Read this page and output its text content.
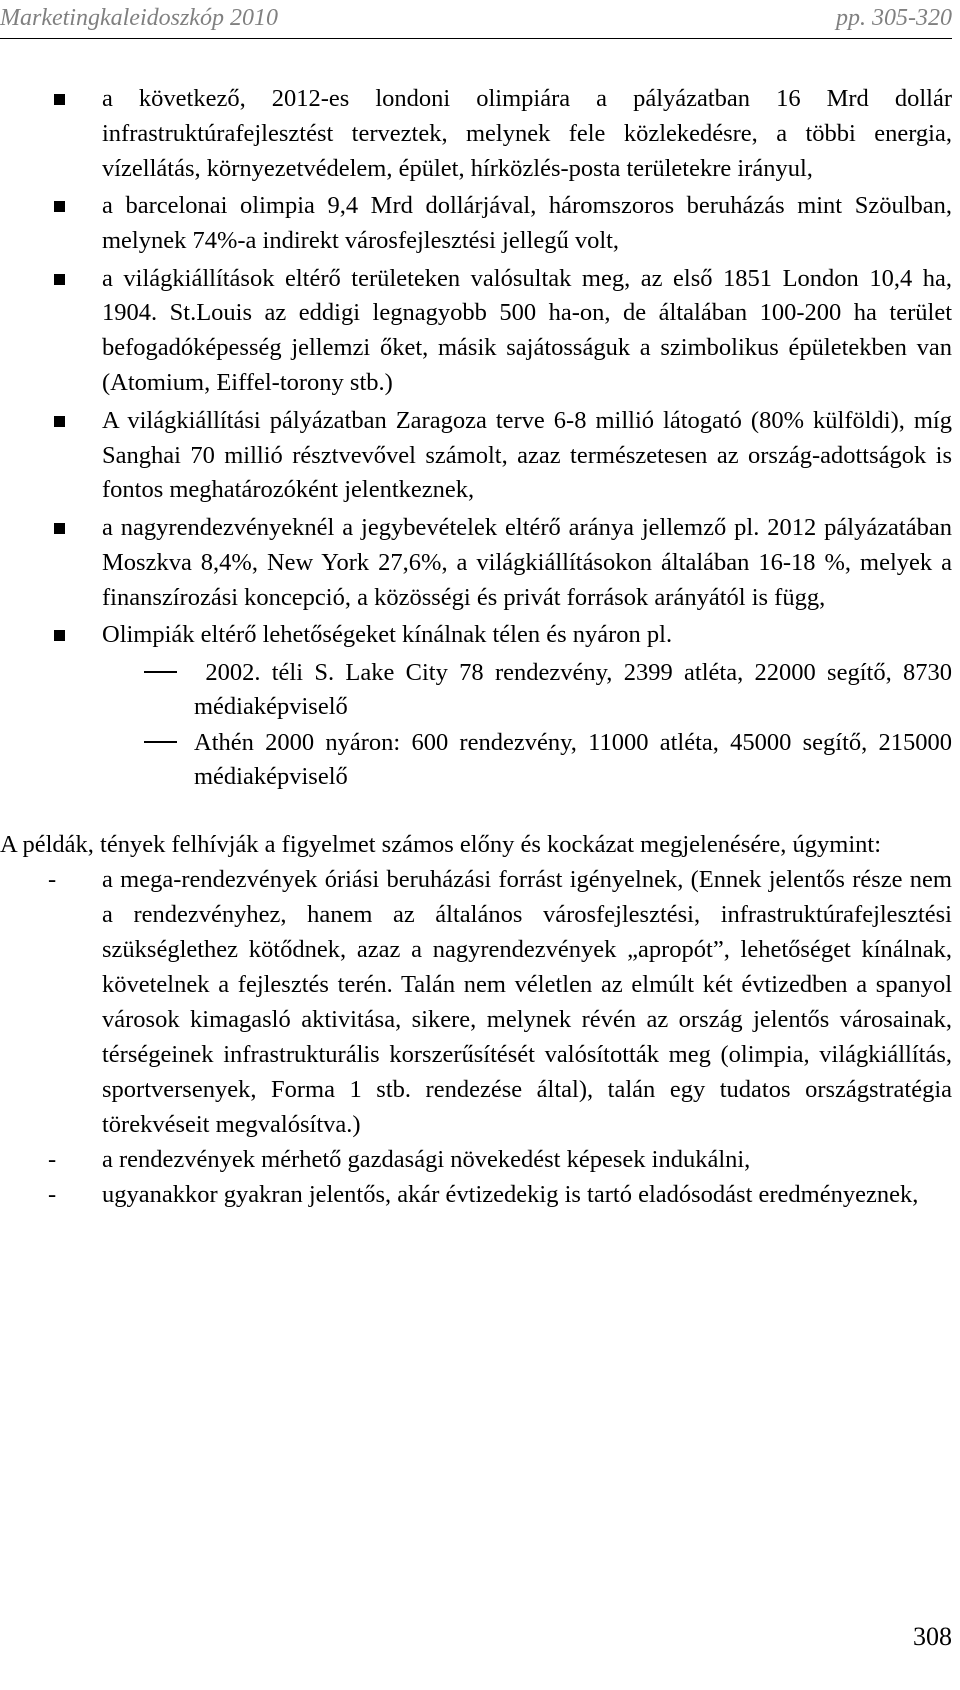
Marketingkaleidoszkóp 2010	pp. 305-320
a következő, 2012-es londoni olimpiára a pályázatban 16 Mrd dollár infrastruktúrafejlesztést terveztek, melynek fele közlekedésre, a többi energia, vízellátás, környezetvédelem, épület, hírközlés-posta területekre irányul,
a barcelonai olimpia 9,4 Mrd dollárjával, háromszoros beruházás mint Szöulban, melynek 74%-a indirekt városfejlesztési jellegű volt,
a világkiállítások eltérő területeken valósultak meg, az első 1851 London 10,4 ha, 1904. St.Louis az eddigi legnagyobb 500 ha-on, de általában 100-200 ha terület befogadóképesség jellemzi őket, másik sajátosságuk a szimbolikus épületekben van (Atomium, Eiffel-torony stb.)
A világkiállítási pályázatban Zaragoza terve 6-8 millió látogató (80% külföldi), míg Sanghai 70 millió résztvevővel számolt, azaz természetesen az ország-adottságok is fontos meghatározóként jelentkeznek,
a nagyrendezvényeknél a jegybevételek eltérő aránya jellemző pl. 2012 pályázatában Moszkva 8,4%, New York 27,6%, a világkiállításokon általában 16-18 %, melyek a finanszírozási koncepció, a közösségi és privát források arányától is függ,
Olimpiák eltérő lehetőségeket kínálnak télen és nyáron pl.
2002. téli S. Lake City 78 rendezvény, 2399 atléta, 22000 segítő, 8730 médiaképviselő
Athén 2000 nyáron: 600 rendezvény, 11000 atléta, 45000 segítő, 215000 médiaképviselő

A példák, tények felhívják a figyelmet számos előny és kockázat megjelenésére, úgymint:

- a mega-rendezvények óriási beruházási forrást igényelnek, (Ennek jelentős része nem a rendezvényhez, hanem az általános városfejlesztési, infrastruktúrafejlesztési szükséglethez kötődnek, azaz a nagyrendezvények „apropót”, lehetőséget kínálnak, követelnek a fejlesztés terén. Talán nem véletlen az elmúlt két évtizedben a spanyol városok kimagasló aktivitása, sikere, melynek révén az ország jelentős városainak, térségeinek infrastrukturális korszerűsítését valósították meg (olimpia, világkiállítás, sportversenyek, Forma 1 stb. rendezése által), talán egy tudatos országstratégia törekvéseit megvalósítva.)
- a rendezvények mérhető gazdasági növekedést képesek indukálni,
- ugyanakkor gyakran jelentős, akár évtizedekig is tartó eladósodást eredményeznek,
308
